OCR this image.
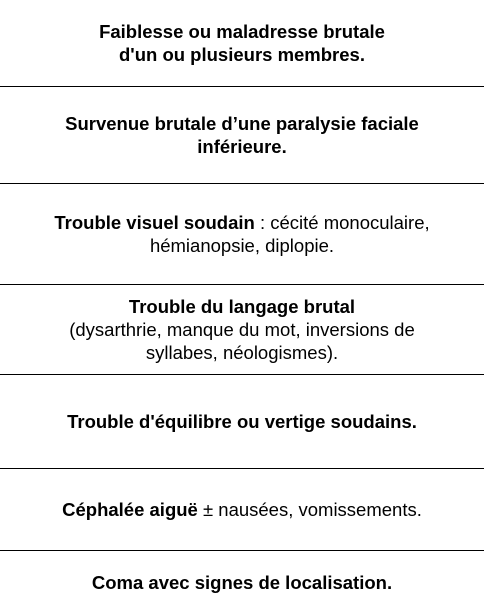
Faiblesse ou maladresse brutale
d'un ou plusieurs membres.
Survenue brutale d’une paralysie faciale
inférieure.
Trouble visuel soudain : cécité monoculaire,
hémianopsie, diplopie.
Trouble du langage brutal
(dysarthrie, manque du mot, inversions de
syllabes, néologismes).
Trouble d'équilibre ou vertige soudains.
Céphalée aiguë ± nausées, vomissements.
Coma avec signes de localisation.
